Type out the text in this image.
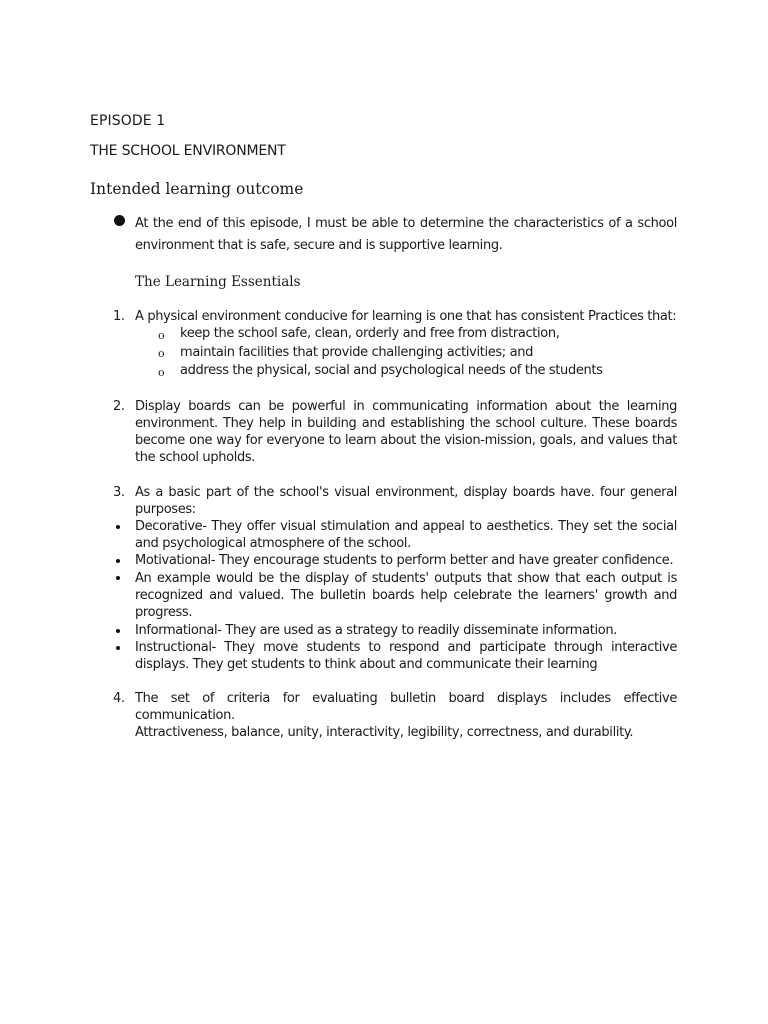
EPISODE 1
THE SCHOOL ENVIRONMENT
Intended learning outcome
At the end of this episode, I must be able to determine the characteristics of a school
environment that is safe, secure and is supportive learning.
The Learning Essentials
1. A physical environment conducive for learning is one that has consistent Practices that:
o keep the school safe, clean, orderly and free from distraction,
o maintain facilities that provide challenging activities; and
o address the physical, social and psychological needs of the students
2. Display boards can be powerful in communicating information about the learning
environment. They help in building and establishing the school culture. These boards
become one way for everyone to learn about the vision-mission, goals, and values that
the school upholds.
3. As a basic part of the school's visual environment, display boards have. four general
purposes:
Decorative- They offer visual stimulation and appeal to aesthetics. They set the social
and psychological atmosphere of the school.
Motivational- They encourage students to perform better and have greater confidence.
An example would be the display of students' outputs that show that each output is
recognized and valued. The bulletin boards help celebrate the learners' growth and
progress.
Informational- They are used as a strategy to readily disseminate information.
Instructional- They move students to respond and participate through interactive
displays. They get students to think about and communicate their learning
4. The set of criteria for evaluating bulletin board displays includes effective
communication.
Attractiveness, balance, unity, interactivity, legibility, correctness, and durability.
